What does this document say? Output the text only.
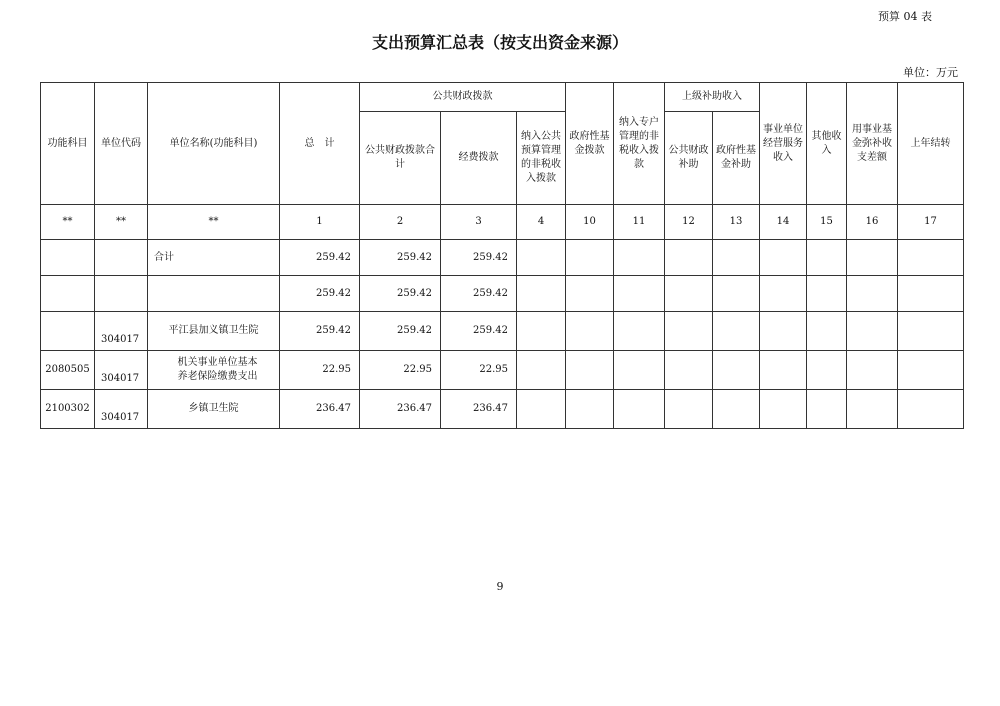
预算 04 表
支出预算汇总表（按支出资金来源）
单位：万元
功能科目	单位代码	单位名称(功能科目)	总　计	公共财政拨款			政府性基金拨款	纳入专户管理的非税收入拨款	上级补助收入		事业单位经营服务收入	其他收入	用事业基金弥补收支差额	上年结转
				公共财政拨款合计	经费拨款	纳入公共预算管理的非税收入拨款			公共财政补助	政府性基金补助				
**	**	**	1	2	3	4	10	11	12	13	14	15	16	17
		合计	259.42	259.42	259.42									
			259.42	259.42	259.42									
	304017	平江县加义镇卫生院	259.42	259.42	259.42									
2080505	304017	机关事业单位基本养老保险缴费支出	22.95	22.95	22.95									
2100302	304017	乡镇卫生院	236.47	236.47	236.47									
9
